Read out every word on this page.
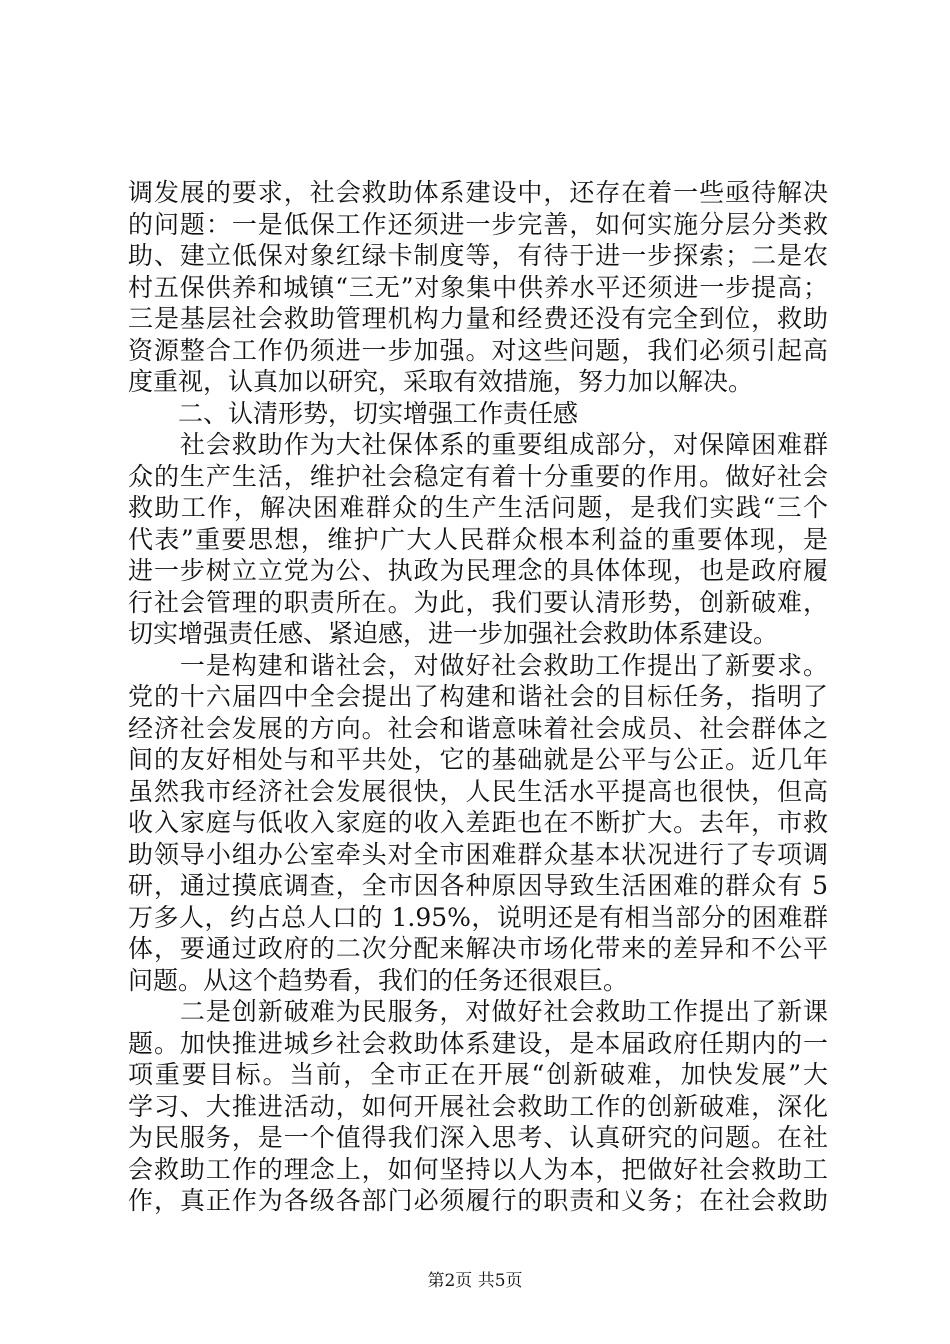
调发展的要求，社会救助体系建设中，还存在着一些亟待解决
的问题：一是低保工作还须进一步完善，如何实施分层分类救
助、建立低保对象红绿卡制度等，有待于进一步探索；二是农
村五保供养和城镇“三无”对象集中供养水平还须进一步提高；
三是基层社会救助管理机构力量和经费还没有完全到位，救助
资源整合工作仍须进一步加强。对这些问题，我们必须引起高
度重视，认真加以研究，采取有效措施，努力加以解决。
　　二、认清形势，切实增强工作责任感
　　社会救助作为大社保体系的重要组成部分，对保障困难群
众的生产生活，维护社会稳定有着十分重要的作用。做好社会
救助工作，解决困难群众的生产生活问题，是我们实践“三个
代表”重要思想，维护广大人民群众根本利益的重要体现，是
进一步树立立党为公、执政为民理念的具体体现，也是政府履
行社会管理的职责所在。为此，我们要认清形势，创新破难，
切实增强责任感、紧迫感，进一步加强社会救助体系建设。
　　一是构建和谐社会，对做好社会救助工作提出了新要求。
党的十六届四中全会提出了构建和谐社会的目标任务，指明了
经济社会发展的方向。社会和谐意味着社会成员、社会群体之
间的友好相处与和平共处，它的基础就是公平与公正。近几年
虽然我市经济社会发展很快，人民生活水平提高也很快，但高
收入家庭与低收入家庭的收入差距也在不断扩大。去年，市救
助领导小组办公室牵头对全市困难群众基本状况进行了专项调
研，通过摸底调查，全市因各种原因导致生活困难的群众有 5
万多人，约占总人口的 1.95%，说明还是有相当部分的困难群
体，要通过政府的二次分配来解决市场化带来的差异和不公平
问题。从这个趋势看，我们的任务还很艰巨。
　　二是创新破难为民服务，对做好社会救助工作提出了新课
题。加快推进城乡社会救助体系建设，是本届政府任期内的一
项重要目标。当前，全市正在开展“创新破难，加快发展”大
学习、大推进活动，如何开展社会救助工作的创新破难，深化
为民服务，是一个值得我们深入思考、认真研究的问题。在社
会救助工作的理念上，如何坚持以人为本，把做好社会救助工
作，真正作为各级各部门必须履行的职责和义务；在社会救助
第2页 共5页
